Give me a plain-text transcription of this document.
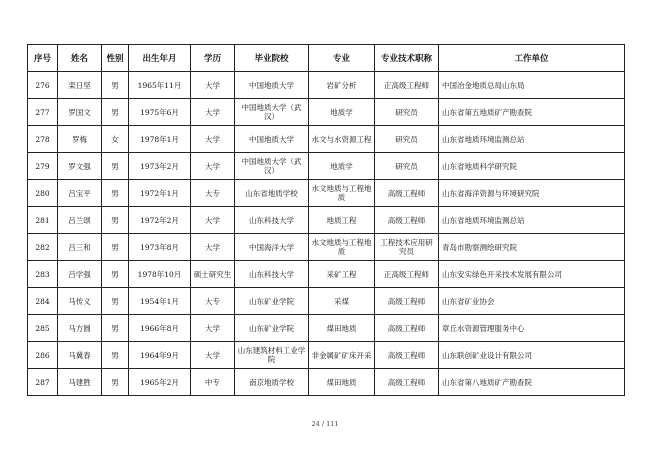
序号	姓名	性别	出生年月	学历	毕业院校	专业	专业技术职称	工作单位
276	栾日坚	男	1965年11月	大学	中国地质大学	岩矿分析	正高级工程师	中国冶金地质总局山东局
277	罗国文	男	1975年6月	大学	中国地质大学（武汉）	地质学	研究员	山东省第五地质矿产勘查院
278	罗梅	女	1978年1月	大学	中国地质大学	水文与水资源工程	研究员	山东省地质环境监测总站
279	罗文强	男	1973年2月	大学	中国地质大学（武汉）	地质学	研究员	山东省地质科学研究院
280	吕宝平	男	1972年1月	大专	山东省地质学校	水文地质与工程地质	高级工程师	山东省海洋资源与环境研究院
281	吕兰颂	男	1972年2月	大学	山东科技大学	地质工程	高级工程师	山东省地质环境监测总站
282	吕三和	男	1973年8月	大学	中国海洋大学	水文地质与工程地质	工程技术应用研究员	青岛市勘察测绘研究院
283	吕学强	男	1978年10月	硕士研究生	山东科技大学	采矿工程	正高级工程师	山东安实绿色开采技术发展有限公司
284	马传义	男	1954年1月	大专	山东矿业学院	采煤	高级工程师	山东省矿业协会
285	马方圆	男	1966年8月	大学	山东矿业学院	煤田地质	高级工程师	章丘水资源管理服务中心
286	马冀春	男	1964年9月	大学	山东建筑材料工业学院	非金属矿矿床开采	高级工程师	山东联创矿业设计有限公司
287	马建胜	男	1965年2月	中专	南京地质学校	煤田地质	高级工程师	山东省第八地质矿产勘查院
24 / 111
